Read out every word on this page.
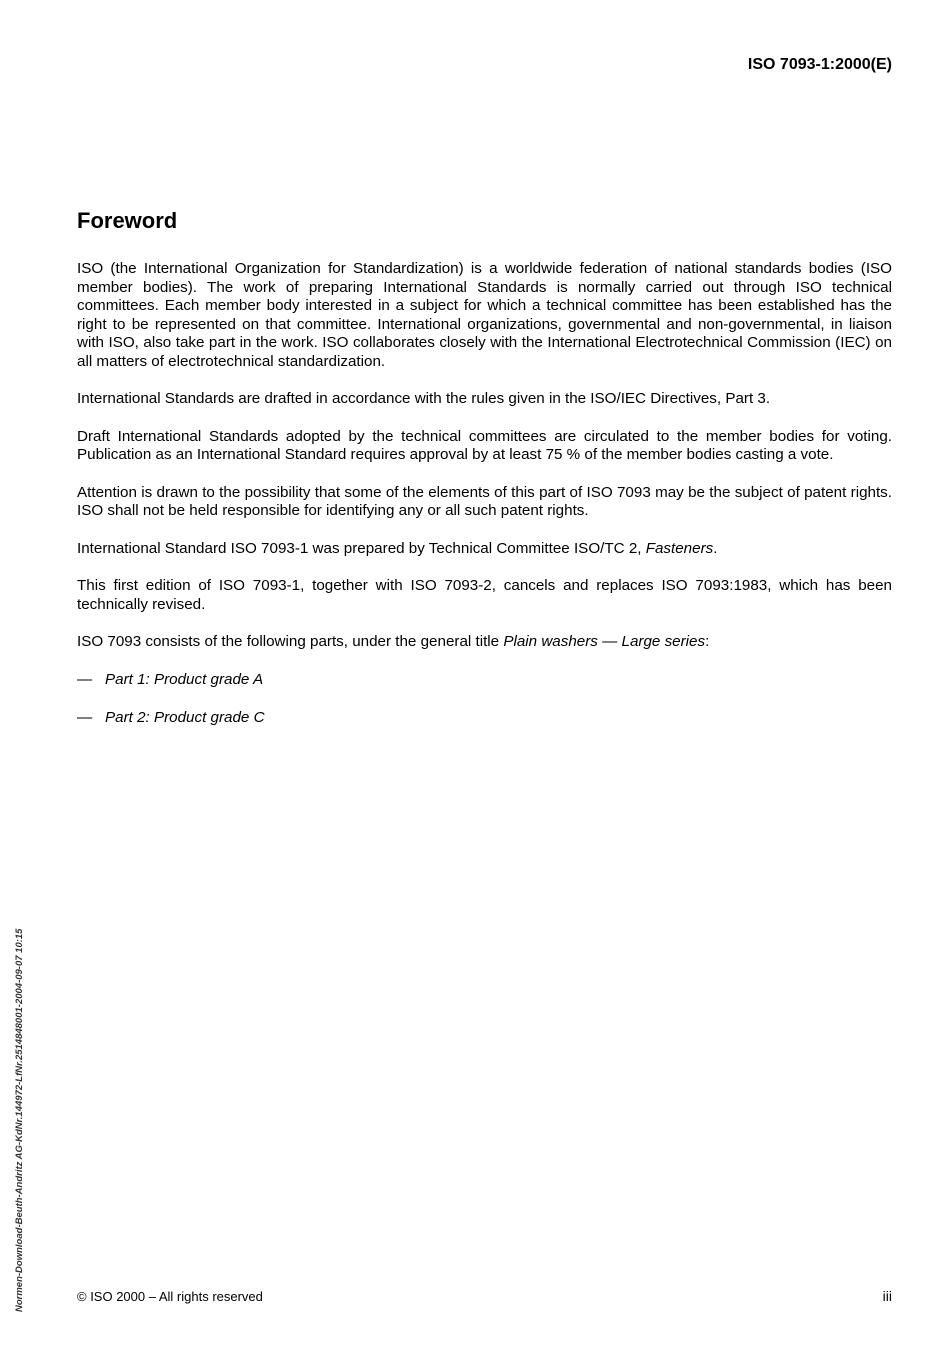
ISO 7093-1:2000(E)
Foreword

ISO (the International Organization for Standardization) is a worldwide federation of national standards bodies (ISO member bodies). The work of preparing International Standards is normally carried out through ISO technical committees. Each member body interested in a subject for which a technical committee has been established has the right to be represented on that committee. International organizations, governmental and non-governmental, in liaison with ISO, also take part in the work. ISO collaborates closely with the International Electrotechnical Commission (IEC) on all matters of electrotechnical standardization.

International Standards are drafted in accordance with the rules given in the ISO/IEC Directives, Part 3.

Draft International Standards adopted by the technical committees are circulated to the member bodies for voting. Publication as an International Standard requires approval by at least 75 % of the member bodies casting a vote.

Attention is drawn to the possibility that some of the elements of this part of ISO 7093 may be the subject of patent rights. ISO shall not be held responsible for identifying any or all such patent rights.

International Standard ISO 7093-1 was prepared by Technical Committee ISO/TC 2, Fasteners.

This first edition of ISO 7093-1, together with ISO 7093-2, cancels and replaces ISO 7093:1983, which has been technically revised.

ISO 7093 consists of the following parts, under the general title Plain washers — Large series:

— Part 1: Product grade A
— Part 2: Product grade C
Normen-Download-Beuth-Andritz AG-KdNr.144972-LfNr.2514848001-2004-09-07 10:15	© ISO 2000 – All rights reserved	iii
